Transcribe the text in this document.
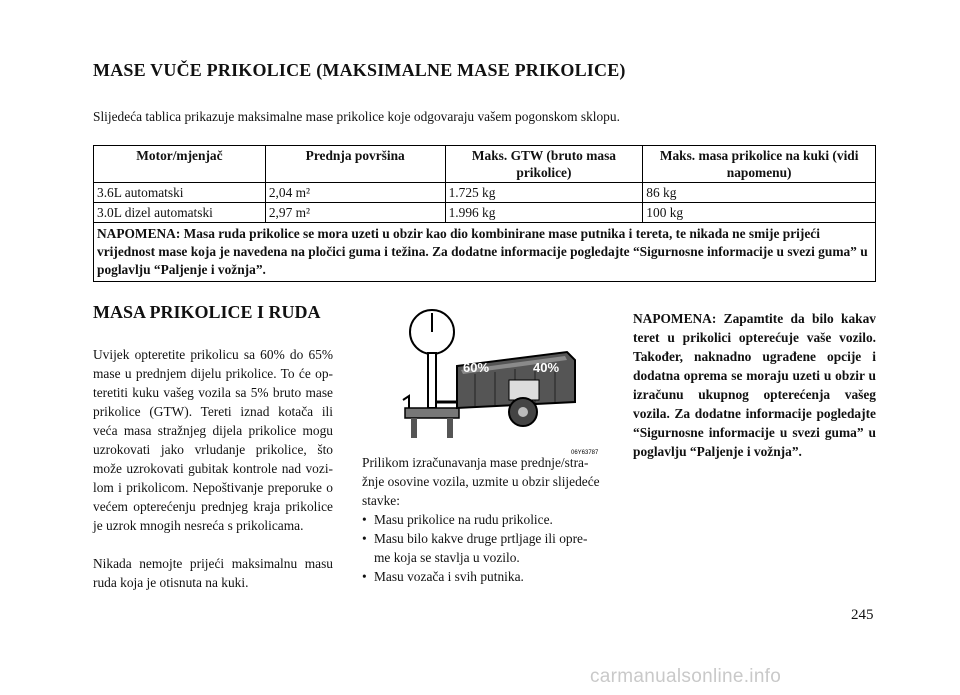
MASE VUČE PRIKOLICE (MAKSIMALNE MASE PRIKOLICE)
Slijedeća tablica prikazuje maksimalne mase prikolice koje odgovaraju vašem pogonskom sklopu.
Motor/mjenjač	Prednja površina	Maks. GTW (bruto masa prikolice)	Maks. masa prikolice na kuki (vidi napomenu)
3.6L automatski	2,04 m²	1.725 kg	86 kg
3.0L dizel automatski	2,97 m²	1.996 kg	100 kg
NAPOMENA: Masa ruda prikolice se mora uzeti u obzir kao dio kombinirane mase putnika i tereta, te nikada ne smije prijeći vrijednost mase koja je navedena na pločici guma i težina. Za dodatne informacije pogledajte “Sigurnosne informacije u svezi guma” u poglavlju “Paljenje i vožnja”.			
MASA PRIKOLICE I RUDA

Uvijek opteretite prikolicu sa 60% do 65% mase u prednjem dijelu prikolice. To će op-teretiti kuku vašeg vozila sa 5% bruto mase prikolice (GTW). Tereti iznad kotača ili veća masa stražnjeg dijela prikolice mogu uzrokovati jako vrludanje prikolice, što može uzrokovati gubitak kontrole nad vozi-lom i prikolicom. Nepoštivanje preporuke o većem opterećenju prednjeg kraja prikolice je uzrok mnogih nesreća s prikolicama.

Nikada nemojte prijeći maksimalnu masu ruda koja je otisnuta na kuki.

60%	40%
06Y63787

Prilikom izračunavanja mase prednje/stra-žnje osovine vozila, uzmite u obzir slijedeće stavke:

• Masu prikolice na rudu prikolice.
• Masu bilo kakve druge prtljage ili opre-me koja se stavlja u vozilo.
• Masu vozača i svih putnika.
NAPOMENA: Zapamtite da bilo kakav teret u prikolici opterećuje vaše vozilo. Također, naknadno ugrađene opcije i dodatna oprema se moraju uzeti u obzir u izračunu ukupnog opterećenja vašeg vozila. Za dodatne informacije pogledajte “Sigurnosne informacije u svezi guma” u poglavlju “Paljenje i vožnja”.
245
carmanualsonline.info
